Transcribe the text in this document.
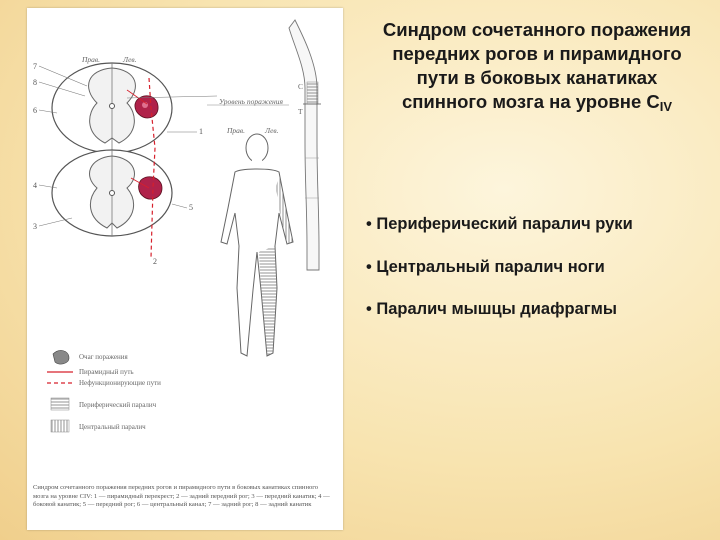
Прав.	Лев.
Прав.	Лев.
Уровень поражения
С
Т
7
8
6
1
4
5
3
2
Очаг поражения
Пирамидный путь
Нефункционирующие пути
Периферический паралич
Центральный паралич
Синдром сочетанного поражения передних рогов и пирамидного пути в боковых канатиках спинного мозга на уровне CIV: 1 — пирамидный перекрест; 2 — задний передний рог; 3 — передний канатик; 4 — боковой канатик; 5 — передний рог; 6 — центральный канал; 7 — задний рог; 8 — задний канатик
Синдром сочетанного поражения передних рогов и пирамидного пути в боковых канатиках спинного мозга на уровне $C_{IV}$
• Периферический паралич руки
• Центральный паралич ноги
• Паралич мышцы диафрагмы
